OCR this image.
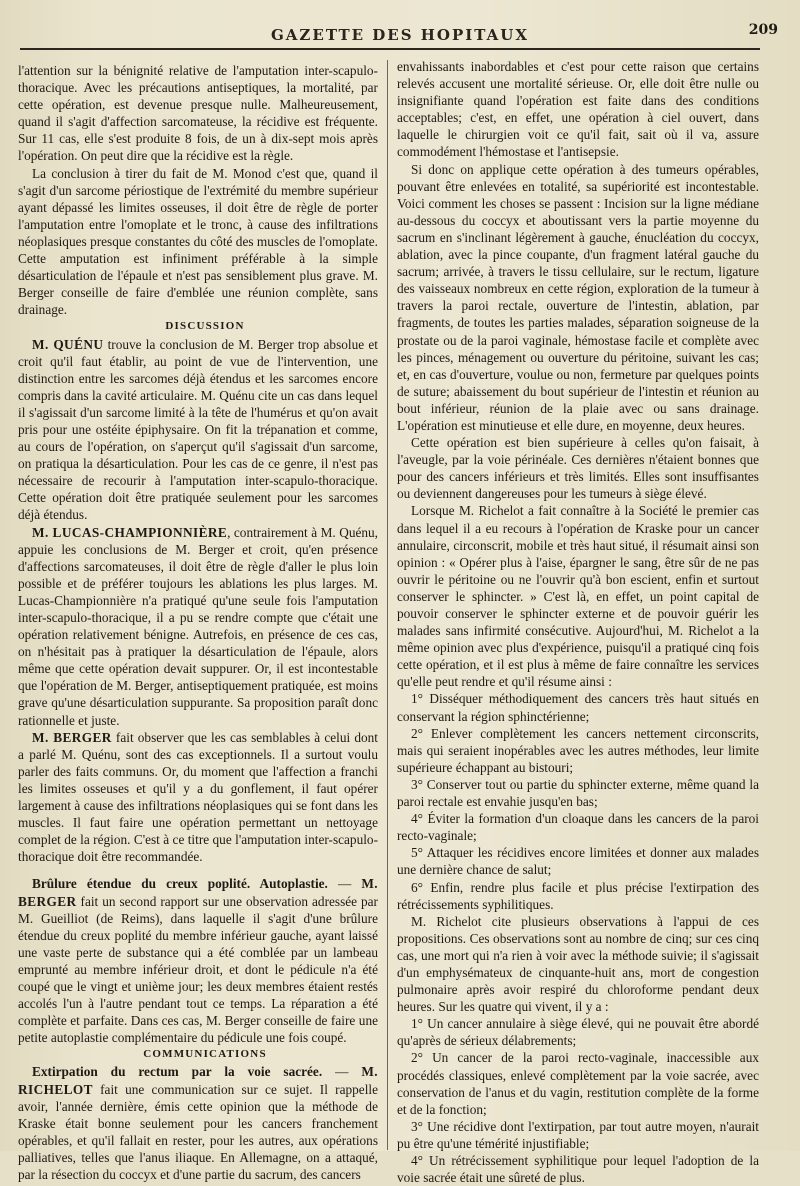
GAZETTE DES HOPITAUX	209

l'attention sur la bénignité relative de l'amputation inter-scapulo-thoracique. Avec les précautions antiseptiques, la mortalité, par cette opération, est devenue presque nulle. Malheureusement, quand il s'agit d'affection sarcomateuse, la récidive est fréquente. Sur 11 cas, elle s'est produite 8 fois, de un à dix-sept mois après l'opération. On peut dire que la récidive est la règle.

La conclusion à tirer du fait de M. Monod c'est que, quand il s'agit d'un sarcome périostique de l'extrémité du membre supérieur ayant dépassé les limites osseuses, il doit être de règle de porter l'amputation entre l'omoplate et le tronc, à cause des infiltrations néoplasiques presque constantes du côté des muscles de l'omoplate. Cette amputation est infiniment préférable à la simple désarticulation de l'épaule et n'est pas sensiblement plus grave. M. Berger conseille de faire d'emblée une réunion complète, sans drainage.

DISCUSSION

M. QUÉNU trouve la conclusion de M. Berger trop absolue et croit qu'il faut établir, au point de vue de l'intervention, une distinction entre les sarcomes déjà étendus et les sarcomes encore compris dans la cavité articulaire. M. Quénu cite un cas dans lequel il s'agissait d'un sarcome limité à la tête de l'humérus et qu'on avait pris pour une ostéite épiphysaire. On fit la trépanation et comme, au cours de l'opération, on s'aperçut qu'il s'agissait d'un sarcome, on pratiqua la désarticulation. Pour les cas de ce genre, il n'est pas nécessaire de recourir à l'amputation inter-scapulo-thoracique. Cette opération doit être pratiquée seulement pour les sarcomes déjà étendus.

M. LUCAS-CHAMPIONNIÈRE, contrairement à M. Quénu, appuie les conclusions de M. Berger et croit, qu'en présence d'affections sarcomateuses, il doit être de règle d'aller le plus loin possible et de préférer toujours les ablations les plus larges. M. Lucas-Championnière n'a pratiqué qu'une seule fois l'amputation inter-scapulo-thoracique, il a pu se rendre compte que c'était une opération relativement bénigne. Autrefois, en présence de ces cas, on n'hésitait pas à pratiquer la désarticulation de l'épaule, alors même que cette opération devait suppurer. Or, il est incontestable que l'opération de M. Berger, antiseptiquement pratiquée, est moins grave qu'une désarticulation suppurante. Sa proposition paraît donc rationnelle et juste.

M. BERGER fait observer que les cas semblables à celui dont a parlé M. Quénu, sont des cas exceptionnels. Il a surtout voulu parler des faits communs. Or, du moment que l'affection a franchi les limites osseuses et qu'il y a du gonflement, il faut opérer largement à cause des infiltrations néoplasiques qui se font dans les muscles. Il faut faire une opération permettant un nettoyage complet de la région. C'est à ce titre que l'amputation inter-scapulo-thoracique doit être recommandée.

Brûlure étendue du creux poplité. Autoplastie. — M. BERGER fait un second rapport sur une observation adressée par M. Gueilliot (de Reims), dans laquelle il s'agit d'une brûlure étendue du creux poplité du membre inférieur gauche, ayant laissé une vaste perte de substance qui a été comblée par un lambeau emprunté au membre inférieur droit, et dont le pédicule n'a été coupé que le vingt et unième jour; les deux membres étaient restés accolés l'un à l'autre pendant tout ce temps. La réparation a été complète et parfaite. Dans ces cas, M. Berger conseille de faire une petite autoplastie complémentaire du pédicule une fois coupé.

COMMUNICATIONS

Extirpation du rectum par la voie sacrée. — M. RICHELOT fait une communication sur ce sujet. Il rappelle avoir, l'année dernière, émis cette opinion que la méthode de Kraske était bonne seulement pour les cancers franchement opérables, et qu'il fallait en rester, pour les autres, aux opérations palliatives, telles que l'anus iliaque. En Allemagne, on a attaqué, par la résection du coccyx et d'une partie du sacrum, des cancers

envahissants inabordables et c'est pour cette raison que certains relevés accusent une mortalité sérieuse. Or, elle doit être nulle ou insignifiante quand l'opération est faite dans des conditions acceptables; c'est, en effet, une opération à ciel ouvert, dans laquelle le chirurgien voit ce qu'il fait, sait où il va, assure commodément l'hémostase et l'antisepsie.

Si donc on applique cette opération à des tumeurs opérables, pouvant être enlevées en totalité, sa supériorité est incontestable. Voici comment les choses se passent : Incision sur la ligne médiane au-dessous du coccyx et aboutissant vers la partie moyenne du sacrum en s'inclinant légèrement à gauche, énucléation du coccyx, ablation, avec la pince coupante, d'un fragment latéral gauche du sacrum; arrivée, à travers le tissu cellulaire, sur le rectum, ligature des vaisseaux nombreux en cette région, exploration de la tumeur à travers la paroi rectale, ouverture de l'intestin, ablation, par fragments, de toutes les parties malades, séparation soigneuse de la prostate ou de la paroi vaginale, hémostase facile et complète avec les pinces, ménagement ou ouverture du péritoine, suivant les cas; et, en cas d'ouverture, voulue ou non, fermeture par quelques points de suture; abaissement du bout supérieur de l'intestin et réunion au bout inférieur, réunion de la plaie avec ou sans drainage. L'opération est minutieuse et elle dure, en moyenne, deux heures.

Cette opération est bien supérieure à celles qu'on faisait, à l'aveugle, par la voie périnéale. Ces dernières n'étaient bonnes que pour des cancers inférieurs et très limités. Elles sont insuffisantes ou deviennent dangereuses pour les tumeurs à siège élevé.

Lorsque M. Richelot a fait connaître à la Société le premier cas dans lequel il a eu recours à l'opération de Kraske pour un cancer annulaire, circonscrit, mobile et très haut situé, il résumait ainsi son opinion : « Opérer plus à l'aise, épargner le sang, être sûr de ne pas ouvrir le péritoine ou ne l'ouvrir qu'à bon escient, enfin et surtout conserver le sphincter. » C'est là, en effet, un point capital de pouvoir conserver le sphincter externe et de pouvoir guérir les malades sans infirmité consécutive. Aujourd'hui, M. Richelot a la même opinion avec plus d'expérience, puisqu'il a pratiqué cinq fois cette opération, et il est plus à même de faire connaître les services qu'elle peut rendre et qu'il résume ainsi :

1° Disséquer méthodiquement des cancers très haut situés en conservant la région sphinctérienne;

2° Enlever complètement les cancers nettement circonscrits, mais qui seraient inopérables avec les autres méthodes, leur limite supérieure échappant au bistouri;

3° Conserver tout ou partie du sphincter externe, même quand la paroi rectale est envahie jusqu'en bas;

4° Éviter la formation d'un cloaque dans les cancers de la paroi recto-vaginale;

5° Attaquer les récidives encore limitées et donner aux malades une dernière chance de salut;

6° Enfin, rendre plus facile et plus précise l'extirpation des rétrécissements syphilitiques.

M. Richelot cite plusieurs observations à l'appui de ces propositions. Ces observations sont au nombre de cinq; sur ces cinq cas, une mort qui n'a rien à voir avec la méthode suivie; il s'agissait d'un emphysémateux de cinquante-huit ans, mort de congestion pulmonaire après avoir respiré du chloroforme pendant deux heures. Sur les quatre qui vivent, il y a :

1° Un cancer annulaire à siège élevé, qui ne pouvait être abordé qu'après de sérieux délabrements;

2° Un cancer de la paroi recto-vaginale, inaccessible aux procédés classiques, enlevé complètement par la voie sacrée, avec conservation de l'anus et du vagin, restitution complète de la forme et de la fonction;

3° Une récidive dont l'extirpation, par tout autre moyen, n'aurait pu être qu'une témérité injustifiable;

4° Un rétrécissement syphilitique pour lequel l'adoption de la voie sacrée était une sûreté de plus.
